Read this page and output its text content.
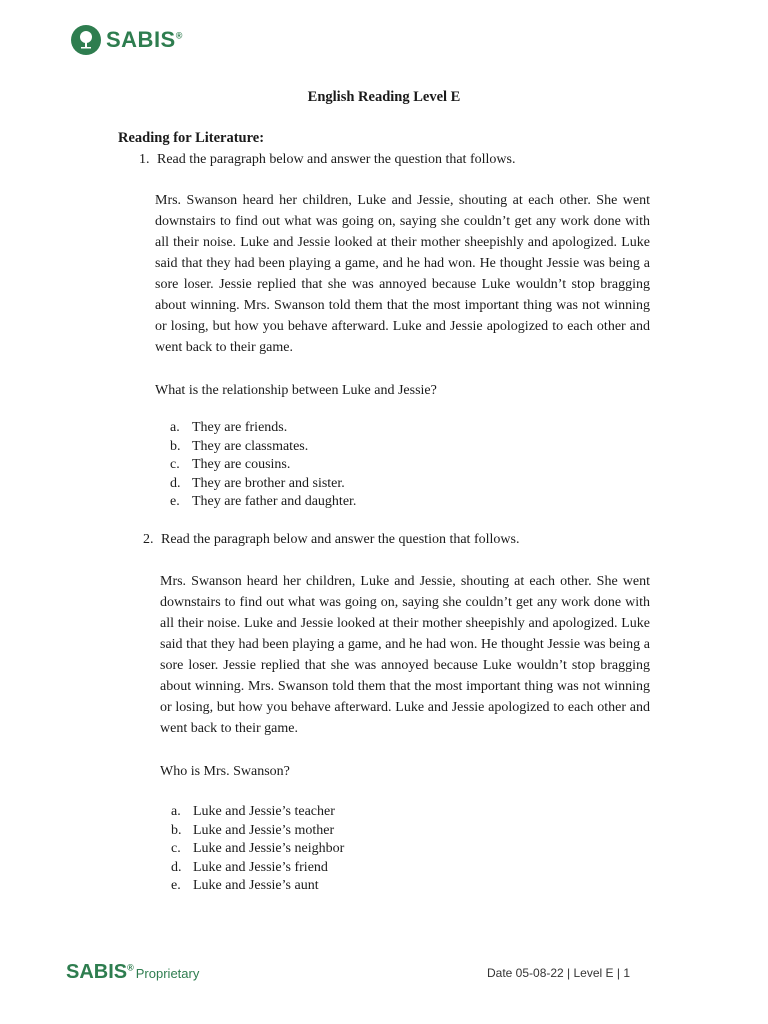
SABIS®
English Reading Level E
Reading for Literature:
1. Read the paragraph below and answer the question that follows.
Mrs. Swanson heard her children, Luke and Jessie, shouting at each other. She went downstairs to find out what was going on, saying she couldn’t get any work done with all their noise. Luke and Jessie looked at their mother sheepishly and apologized. Luke said that they had been playing a game, and he had won. He thought Jessie was being a sore loser. Jessie replied that she was annoyed because Luke wouldn’t stop bragging about winning. Mrs. Swanson told them that the most important thing was not winning or losing, but how you behave afterward. Luke and Jessie apologized to each other and went back to their game.
What is the relationship between Luke and Jessie?
a. They are friends.
b. They are classmates.
c. They are cousins.
d. They are brother and sister.
e. They are father and daughter.
2. Read the paragraph below and answer the question that follows.
Mrs. Swanson heard her children, Luke and Jessie, shouting at each other. She went downstairs to find out what was going on, saying she couldn’t get any work done with all their noise. Luke and Jessie looked at their mother sheepishly and apologized. Luke said that they had been playing a game, and he had won. He thought Jessie was being a sore loser. Jessie replied that she was annoyed because Luke wouldn’t stop bragging about winning. Mrs. Swanson told them that the most important thing was not winning or losing, but how you behave afterward. Luke and Jessie apologized to each other and went back to their game.
Who is Mrs. Swanson?
a. Luke and Jessie’s teacher
b. Luke and Jessie’s mother
c. Luke and Jessie’s neighbor
d. Luke and Jessie’s friend
e. Luke and Jessie’s aunt
SABIS® Proprietary	Date 05-08-22 | Level E | 1
